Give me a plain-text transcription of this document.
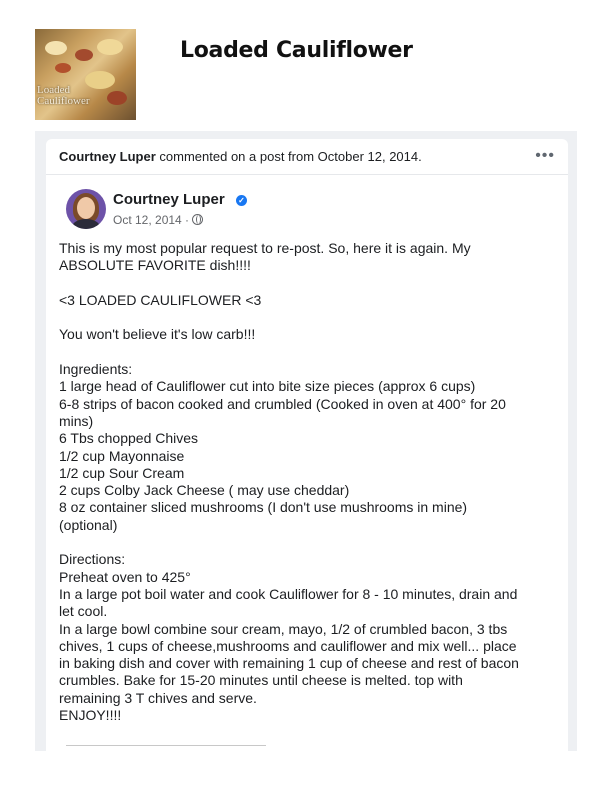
Loaded Cauliflower
Loaded Cauliflower
Courtney Luper commented on a post from October 12, 2014.	•••
Courtney Luper ✓
Oct 12, 2014 ·
This is my most popular request to re-post. So, here it is again. My
ABSOLUTE FAVORITE dish!!!!

<3 LOADED CAULIFLOWER <3

You won't believe it's low carb!!!

Ingredients:
1 large head of Cauliflower cut into bite size pieces (approx 6 cups)
6-8 strips of bacon cooked and crumbled (Cooked in oven at 400° for 20
mins)
6 Tbs chopped Chives
1/2 cup Mayonnaise
1/2 cup Sour Cream
2 cups Colby Jack Cheese ( may use cheddar)
8 oz container sliced mushrooms (I don't use mushrooms in mine)
(optional)

Directions:
Preheat oven to 425°
In a large pot boil water and cook Cauliflower for 8 - 10 minutes, drain and
let cool.
In a large bowl combine sour cream, mayo, 1/2 of crumbled bacon, 3 tbs
chives, 1 cups of cheese,mushrooms and cauliflower and mix well... place
in baking dish and cover with remaining 1 cup of cheese and rest of bacon
crumbles. Bake for 15-20 minutes until cheese is melted. top with
remaining 3 T chives and serve.
ENJOY!!!!
